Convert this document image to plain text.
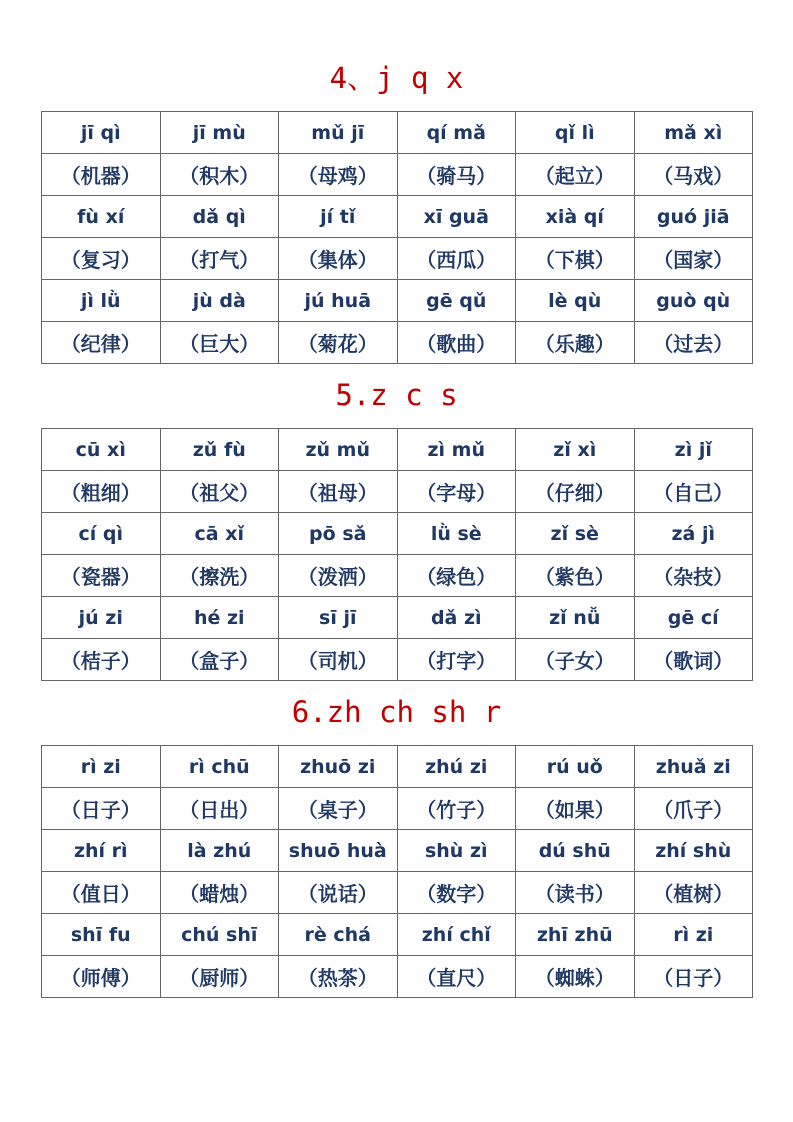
4、j q x
jī qì	jī mù	mǔ jī	qí mǎ	qǐ lì	mǎ xì
（机器）	（积木）	（母鸡）	（骑马）	（起立）	（马戏）
fù xí	dǎ qì	jí tǐ	xī guā	xià qí	guó jiā
（复习）	（打气）	（集体）	（西瓜）	（下棋）	（国家）
jì lǜ	jù dà	jú huā	gē qǔ	lè qù	guò qù
（纪律）	（巨大）	（菊花）	（歌曲）	（乐趣）	（过去）
5.z c s
cū xì	zǔ fù	zǔ mǔ	zì mǔ	zǐ xì	zì jǐ
（粗细）	（祖父）	（祖母）	（字母）	（仔细）	（自己）
cí qì	cā xǐ	pō sǎ	lǜ sè	zǐ sè	zá jì
（瓷器）	（擦洗）	（泼洒）	（绿色）	（紫色）	（杂技）
jú zi	hé zi	sī jī	dǎ zì	zǐ nǚ	gē cí
（桔子）	（盒子）	（司机）	（打字）	（子女）	（歌词）
6.zh ch sh r
rì zi	rì chū	zhuō zi	zhú zi	rú uǒ	zhuǎ zi
（日子）	（日出）	（桌子）	（竹子）	（如果）	（爪子）
zhí rì	là zhú	shuō huà	shù zì	dú shū	zhí shù
（值日）	（蜡烛）	（说话）	（数字）	（读书）	（植树）
shī fu	chú shī	rè chá	zhí chǐ	zhī zhū	rì zi
（师傅）	（厨师）	（热茶）	（直尺）	（蜘蛛）	（日子）
